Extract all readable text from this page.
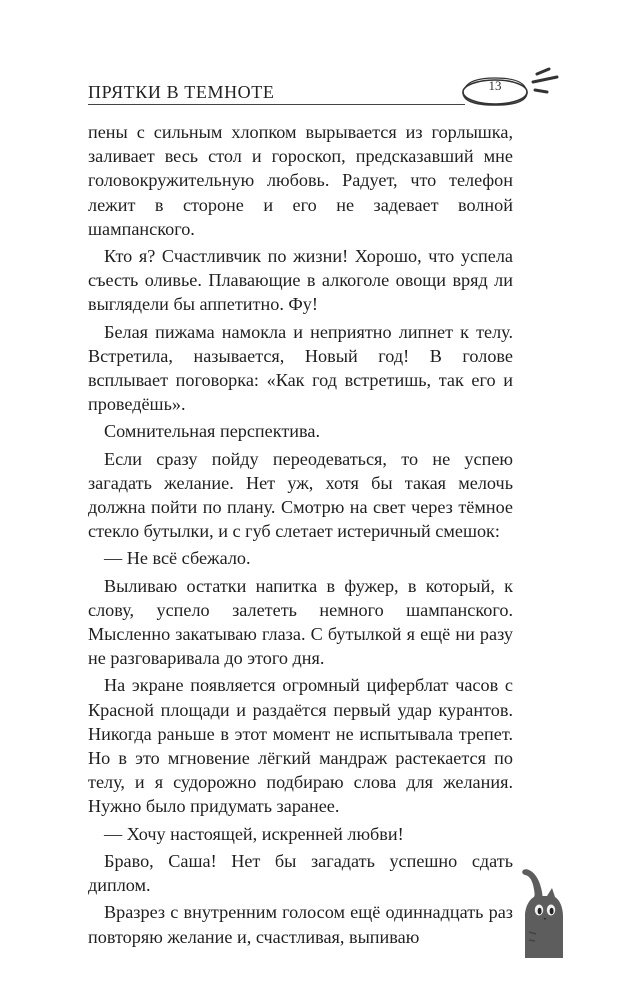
ПРЯТКИ В ТЕМНОТЕ	13

пены с сильным хлопком вырывается из горлышка, заливает весь стол и гороскоп, предсказавший мне головокружительную любовь. Радует, что телефон лежит в стороне и его не задевает волной шампанского.

Кто я? Счастливчик по жизни! Хорошо, что успела съесть оливье. Плавающие в алкоголе овощи вряд ли выглядели бы аппетитно. Фу!

Белая пижама намокла и неприятно липнет к телу. Встретила, называется, Новый год! В голове всплывает поговорка: «Как год встретишь, так его и проведёшь».

Сомнительная перспектива.

Если сразу пойду переодеваться, то не успею загадать желание. Нет уж, хотя бы такая мелочь должна пойти по плану. Смотрю на свет через тёмное стекло бутылки, и с губ слетает истеричный смешок:

— Не всё сбежало.

Выливаю остатки напитка в фужер, в который, к слову, успело залететь немного шампанского. Мысленно закатываю глаза. С бутылкой я ещё ни разу не разговаривала до этого дня.

На экране появляется огромный циферблат часов с Красной площади и раздаётся первый удар курантов. Никогда раньше в этот момент не испытывала трепет. Но в это мгновение лёгкий мандраж растекается по телу, и я судорожно подбираю слова для желания. Нужно было придумать заранее.

— Хочу настоящей, искренней любви!

Браво, Саша! Нет бы загадать успешно сдать диплом.

Вразрез с внутренним голосом ещё одиннадцать раз повторяю желание и, счастливая, выпиваю
